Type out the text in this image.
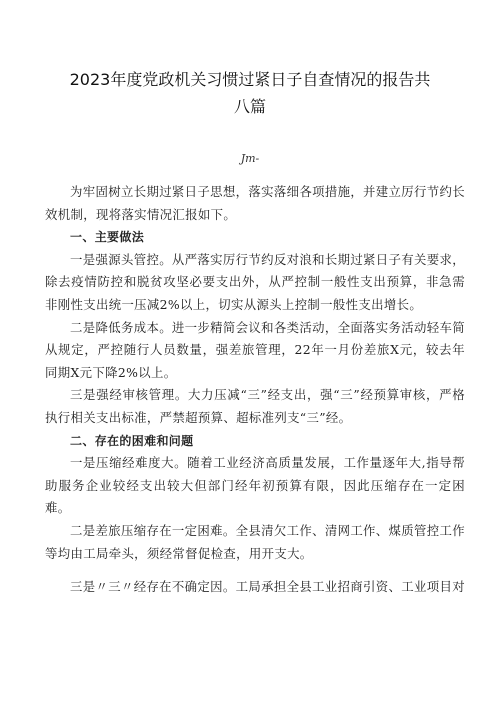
2023年度党政机关习惯过紧日子自查情况的报告共
八篇
Jm-

为牢固树立长期过紧日子思想，落实落细各项措施，并建立厉行节约长效机制，现将落实情况汇报如下。

一、主要做法

一是强源头管控。从严落实厉行节约反对浪和长期过紧日子有关要求，除去疫情防控和脱贫攻坚必要支出外，从严控制一般性支出预算，非急需非刚性支出统一压减2%以上，切实从源头上控制一般性支出增长。

二是降低务成本。进一步精简会议和各类活动，全面落实务活动轻车简从规定，严控随行人员数量，强差旅管理，22年一月份差旅X元，较去年同期X元下降2%以上。

三是强经审核管理。大力压减“三”经支出，强“三”经预算审核，严格执行相关支出标准，严禁超预算、超标准列支“三”经。

二、存在的困难和问题

一是压缩经难度大。随着工业经济高质量发展，工作量逐年大,指导帮助服务企业较经支出较大但部门经年初预算有限，因此压缩存在一定困难。

二是差旅压缩存在一定困难。全县清欠工作、清网工作、煤质管控工作等均由工局牵头，须经常督促检查，用开支大。

三是〃三〃经存在不确定因。工局承担全县工业招商引资、工业项目对
